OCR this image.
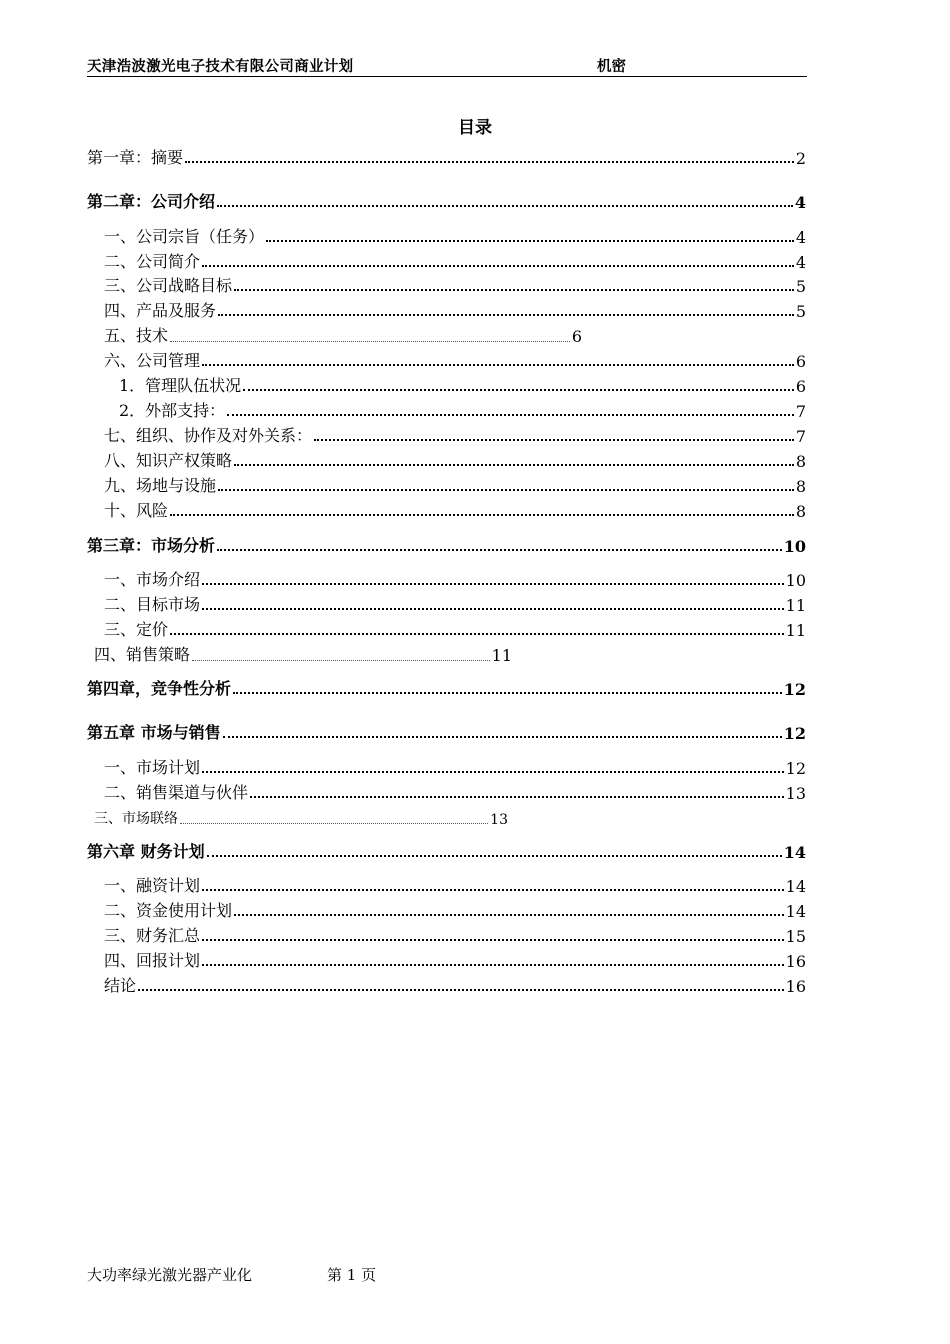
天津浩波激光电子技术有限公司商业计划	机密
目录
第一章：摘要	2
第二章：公司介绍	4
一、公司宗旨（任务）	4
二、公司简介	4
三、公司战略目标	5
四、产品及服务	5
五、技术	6
六、公司管理	6
1．管理队伍状况	6
2．外部支持：	7
七、组织、协作及对外关系：	7
八、知识产权策略	8
九、场地与设施	8
十、风险	8
第三章：市场分析	10
一、市场介绍	10
二、目标市场	11
三、定价	11
四、销售策略	11
第四章，竞争性分析	12
第五章 市场与销售	12
一、市场计划	12
二、销售渠道与伙伴	13
三、市场联络	13
第六章 财务计划	14
一、融资计划	14
二、资金使用计划	14
三、财务汇总	15
四、回报计划	16
结论	16
大功率绿光激光器产业化	第 1 页
